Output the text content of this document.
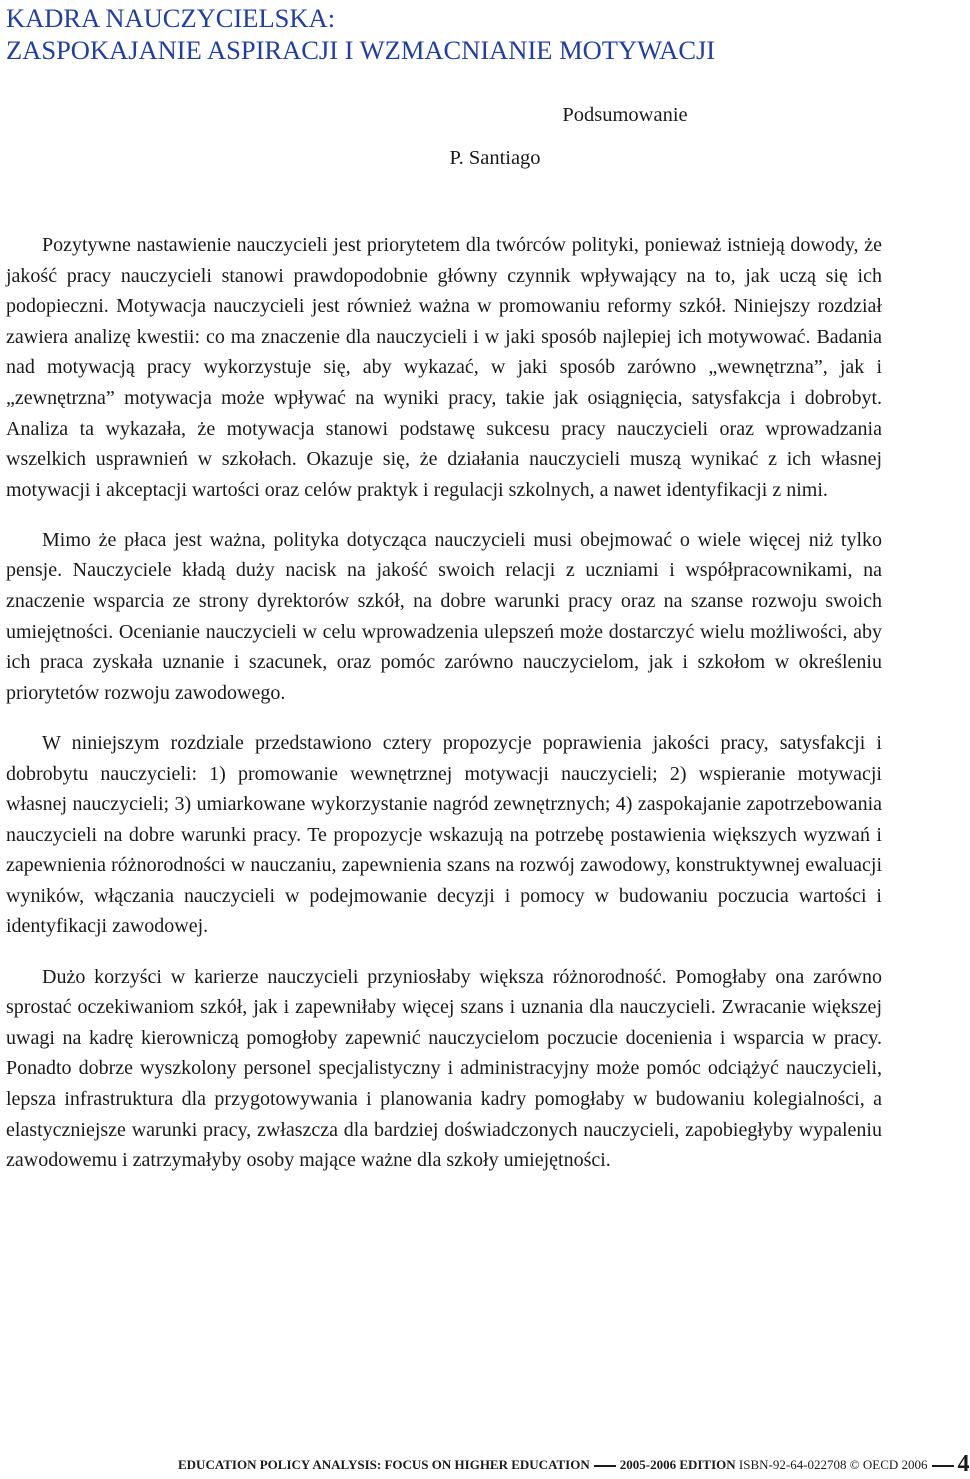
KADRA NAUCZYCIELSKA:
ZASPOKAJANIE ASPIRACJI I WZMACNIANIE MOTYWACJI
Podsumowanie
P. Santiago

Pozytywne nastawienie nauczycieli jest priorytetem dla twórców polityki, ponieważ istnieją dowody, że jakość pracy nauczycieli stanowi prawdopodobnie główny czynnik wpływający na to, jak uczą się ich podopieczni. Motywacja nauczycieli jest również ważna w promowaniu reformy szkół. Niniejszy rozdział zawiera analizę kwestii: co ma znaczenie dla nauczycieli i w jaki sposób najlepiej ich motywować. Badania nad motywacją pracy wykorzystuje się, aby wykazać, w jaki sposób zarówno „wewnętrzna”, jak i „zewnętrzna” motywacja może wpływać na wyniki pracy, takie jak osiągnięcia, satysfakcja i dobrobyt. Analiza ta wykazała, że motywacja stanowi podstawę sukcesu pracy nauczycieli oraz wprowadzania wszelkich usprawnień w szkołach. Okazuje się, że działania nauczycieli muszą wynikać z ich własnej motywacji i akceptacji wartości oraz celów praktyk i regulacji szkolnych, a nawet identyfikacji z nimi.

Mimo że płaca jest ważna, polityka dotycząca nauczycieli musi obejmować o wiele więcej niż tylko pensje. Nauczyciele kładą duży nacisk na jakość swoich relacji z uczniami i współpracownikami, na znaczenie wsparcia ze strony dyrektorów szkół, na dobre warunki pracy oraz na szanse rozwoju swoich umiejętności. Ocenianie nauczycieli w celu wprowadzenia ulepszeń może dostarczyć wielu możliwości, aby ich praca zyskała uznanie i szacunek, oraz pomóc zarówno nauczycielom, jak i szkołom w określeniu priorytetów rozwoju zawodowego.

W niniejszym rozdziale przedstawiono cztery propozycje poprawienia jakości pracy, satysfakcji i dobrobytu nauczycieli: 1) promowanie wewnętrznej motywacji nauczycieli; 2) wspieranie motywacji własnej nauczycieli; 3) umiarkowane wykorzystanie nagród zewnętrznych; 4) zaspokajanie zapotrzebowania nauczycieli na dobre warunki pracy. Te propozycje wskazują na potrzebę postawienia większych wyzwań i zapewnienia różnorodności w nauczaniu, zapewnienia szans na rozwój zawodowy, konstruktywnej ewaluacji wyników, włączania nauczycieli w podejmowanie decyzji i pomocy w budowaniu poczucia wartości i identyfikacji zawodowej.

Dużo korzyści w karierze nauczycieli przyniosłaby większa różnorodność. Pomogłaby ona zarówno sprostać oczekiwaniom szkół, jak i zapewniłaby więcej szans i uznania dla nauczycieli. Zwracanie większej uwagi na kadrę kierowniczą pomogłoby zapewnić nauczycielom poczucie docenienia i wsparcia w pracy. Ponadto dobrze wyszkolony personel specjalistyczny i administracyjny może pomóc odciążyć nauczycieli, lepsza infrastruktura dla przygotowywania i planowania kadry pomogłaby w budowaniu kolegialności, a elastyczniejsze warunki pracy, zwłaszcza dla bardziej doświadczonych nauczycieli, zapobiegłyby wypaleniu zawodowemu i zatrzymałyby osoby mające ważne dla szkoły umiejętności.

EDUCATION POLICY ANALYSIS: FOCUS ON HIGHER EDUCATION 2005-2006 EDITION ISBN-92-64-022708 © OECD 2006 4
